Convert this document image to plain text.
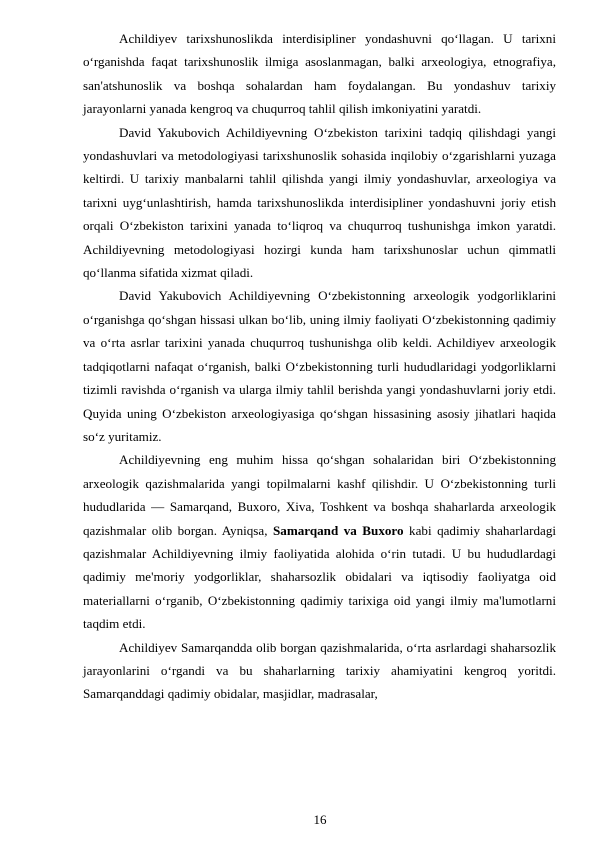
Achildiyev tarixshunoslikda interdisipliner yondashuvni qo‘llagan. U tarixni o‘rganishda faqat tarixshunoslik ilmiga asoslanmagan, balki arxeologiya, etnografiya, san'atshunoslik va boshqa sohalardan ham foydalangan. Bu yondashuv tarixiy jarayonlarni yanada kengroq va chuqurroq tahlil qilish imkoniyatini yaratdi.

David Yakubovich Achildiyevning O‘zbekiston tarixini tadqiq qilishdagi yangi yondashuvlari va metodologiyasi tarixshunoslik sohasida inqilobiy o‘zgarishlarni yuzaga keltirdi. U tarixiy manbalarni tahlil qilishda yangi ilmiy yondashuvlar, arxeologiya va tarixni uyg‘unlashtirish, hamda tarixshunoslikda interdisipliner yondashuvni joriy etish orqali O‘zbekiston tarixini yanada to‘liqroq va chuqurroq tushunishga imkon yaratdi. Achildiyevning metodologiyasi hozirgi kunda ham tarixshunoslar uchun qimmatli qo‘llanma sifatida xizmat qiladi.

David Yakubovich Achildiyevning O‘zbekistonning arxeologik yodgorliklarini o‘rganishga qo‘shgan hissasi ulkan bo‘lib, uning ilmiy faoliyati O‘zbekistonning qadimiy va o‘rta asrlar tarixini yanada chuqurroq tushunishga olib keldi. Achildiyev arxeologik tadqiqotlarni nafaqat o‘rganish, balki O‘zbekistonning turli hududlaridagi yodgorliklarni tizimli ravishda o‘rganish va ularga ilmiy tahlil berishda yangi yondashuvlarni joriy etdi. Quyida uning O‘zbekiston arxeologiyasiga qo‘shgan hissasining asosiy jihatlari haqida so‘z yuritamiz.

Achildiyevning eng muhim hissa qo‘shgan sohalaridan biri O‘zbekistonning arxeologik qazishmalarida yangi topilmalarni kashf qilishdir. U O‘zbekistonning turli hududlarida — Samarqand, Buxoro, Xiva, Toshkent va boshqa shaharlarda arxeologik qazishmalar olib borgan. Ayniqsa, Samarqand va Buxoro kabi qadimiy shaharlardagi qazishmalar Achildiyevning ilmiy faoliyatida alohida o‘rin tutadi. U bu hududlardagi qadimiy me'moriy yodgorliklar, shaharsozlik obidalari va iqtisodiy faoliyatga oid materiallarni o‘rganib, O‘zbekistonning qadimiy tarixiga oid yangi ilmiy ma'lumotlarni taqdim etdi.

Achildiyev Samarqandda olib borgan qazishmalarida, o‘rta asrlardagi shaharsozlik jarayonlarini o‘rgandi va bu shaharlarning tarixiy ahamiyatini kengroq yoritdi. Samarqanddagi qadimiy obidalar, masjidlar, madrasalar,

16
